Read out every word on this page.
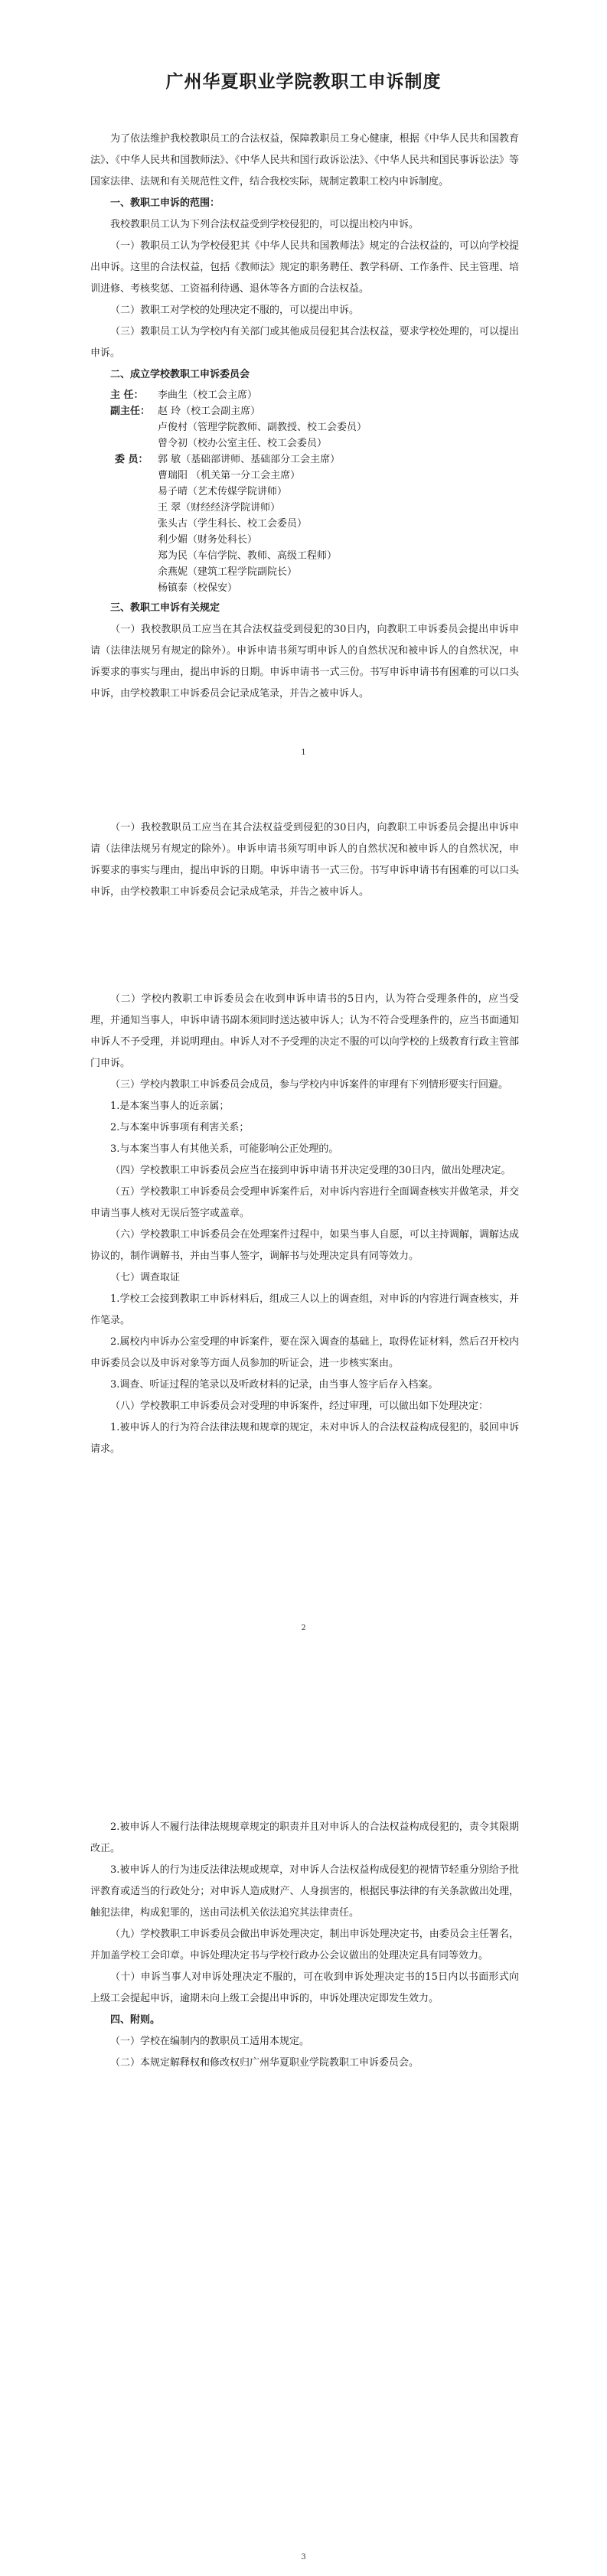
广州华夏职业学院教职工申诉制度

为了依法维护我校教职员工的合法权益，保障教职员工身心健康，根据《中华人民共和国教育法》、《中华人民共和国教师法》、《中华人民共和国行政诉讼法》、《中华人民共和国民事诉讼法》等国家法律、法规和有关规范性文件，结合我校实际，规制定教职工校内申诉制度。

一、教职工申诉的范围：

我校教职员工认为下列合法权益受到学校侵犯的，可以提出校内申诉。

（一）教职员工认为学校侵犯其《中华人民共和国教师法》规定的合法权益的，可以向学校提出申诉。这里的合法权益，包括《教师法》规定的职务聘任、教学科研、工作条件、民主管理、培训进修、考核奖惩、工资福利待遇、退休等各方面的合法权益。

（二）教职工对学校的处理决定不服的，可以提出申诉。

（三）教职员工认为学校内有关部门或其他成员侵犯其合法权益，要求学校处理的，可以提出申诉。

二、成立学校教职工申诉委员会

主 任：	李曲生（校工会主席）
副主任： 赵 玲（校工会副主席）
卢俊村（管理学院教师、副教授、校工会委员）
曾令初（校办公室主任、校工会委员）
委 员： 郭 敏（基础部讲师、基础部分工会主席）
曹瑞阳 （机关第一分工会主席）
易子晴（艺术传媒学院讲师）
王 翠（财经经济学院讲师）
张头古（学生科长、校工会委员）
利少媚（财务处科长）
郑为民（车信学院、教师、高级工程师）
余燕妮（建筑工程学院副院长）
杨镇泰（校保安）

三、教职工申诉有关规定

（一）我校教职员工应当在其合法权益受到侵犯的30日内，向教职工申诉委员会提出申诉申请（法律法规另有规定的除外）。申诉申请书须写明申诉人的自然状况和被申诉人的自然状况，申诉要求的事实与理由，提出申诉的日期。申诉申请书一式三份。书写申诉申请书有困难的可以口头申诉，由学校教职工申诉委员会记录成笔录，并告之被申诉人。

1

（一）我校教职员工应当在其合法权益受到侵犯的30日内，向教职工申诉委员会提出申诉申请（法律法规另有规定的除外）。申诉申请书须写明申诉人的自然状况和被申诉人的自然状况，申诉要求的事实与理由，提出申诉的日期。申诉申请书一式三份。书写申诉申请书有困难的可以口头申诉，由学校教职工申诉委员会记录成笔录，并告之被申诉人。

（二）学校内教职工申诉委员会在收到申诉申请书的5日内，认为符合受理条件的，应当受理，并通知当事人，申诉申请书副本须同时送达被申诉人；认为不符合受理条件的，应当书面通知申诉人不予受理，并说明理由。申诉人对不予受理的决定不服的可以向学校的上级教育行政主管部门申诉。

（三）学校内教职工申诉委员会成员，参与学校内申诉案件的审理有下列情形要实行回避。

1.是本案当事人的近亲属；

2.与本案申诉事项有利害关系；

3.与本案当事人有其他关系，可能影响公正处理的。

（四）学校教职工申诉委员会应当在接到申诉申请书并决定受理的30日内，做出处理决定。

（五）学校教职工申诉委员会受理申诉案件后，对申诉内容进行全面调查核实并做笔录，并交申请当事人核对无误后签字或盖章。

（六）学校教职工申诉委员会在处理案件过程中，如果当事人自愿，可以主持调解，调解达成协议的，制作调解书，并由当事人签字，调解书与处理决定具有同等效力。

（七）调查取证

1.学校工会接到教职工申诉材料后，组成三人以上的调查组，对申诉的内容进行调查核实，并作笔录。

2.属校内申诉办公室受理的申诉案件，要在深入调查的基础上，取得佐证材料，然后召开校内申诉委员会以及申诉对象等方面人员参加的听证会，进一步核实案由。

3.调查、听证过程的笔录以及听政材料的记录，由当事人签字后存入档案。

（八）学校教职工申诉委员会对受理的申诉案件，经过审理，可以做出如下处理决定：

1.被申诉人的行为符合法律法规和规章的规定，未对申诉人的合法权益构成侵犯的，驳回申诉请求。

2

2.被申诉人不履行法律法规规章规定的职责并且对申诉人的合法权益构成侵犯的，责令其限期改正。

3.被申诉人的行为违反法律法规或规章，对申诉人合法权益构成侵犯的视情节轻重分别给予批评教育或适当的行政处分；对申诉人造成财产、人身损害的，根据民事法律的有关条款做出处理，触犯法律，构成犯罪的，送由司法机关依法追究其法律责任。

（九）学校教职工申诉委员会做出申诉处理决定，制出申诉处理决定书，由委员会主任署名，并加盖学校工会印章。申诉处理决定书与学校行政办公会议做出的处理决定具有同等效力。

（十）申诉当事人对申诉处理决定不服的，可在收到申诉处理决定书的15日内以书面形式向上级工会提起申诉，逾期未向上级工会提出申诉的，申诉处理决定即发生效力。

四、附则。

（一）学校在编制内的教职员工适用本规定。

（二）本规定解释权和修改权归广州华夏职业学院教职工申诉委员会。

3
